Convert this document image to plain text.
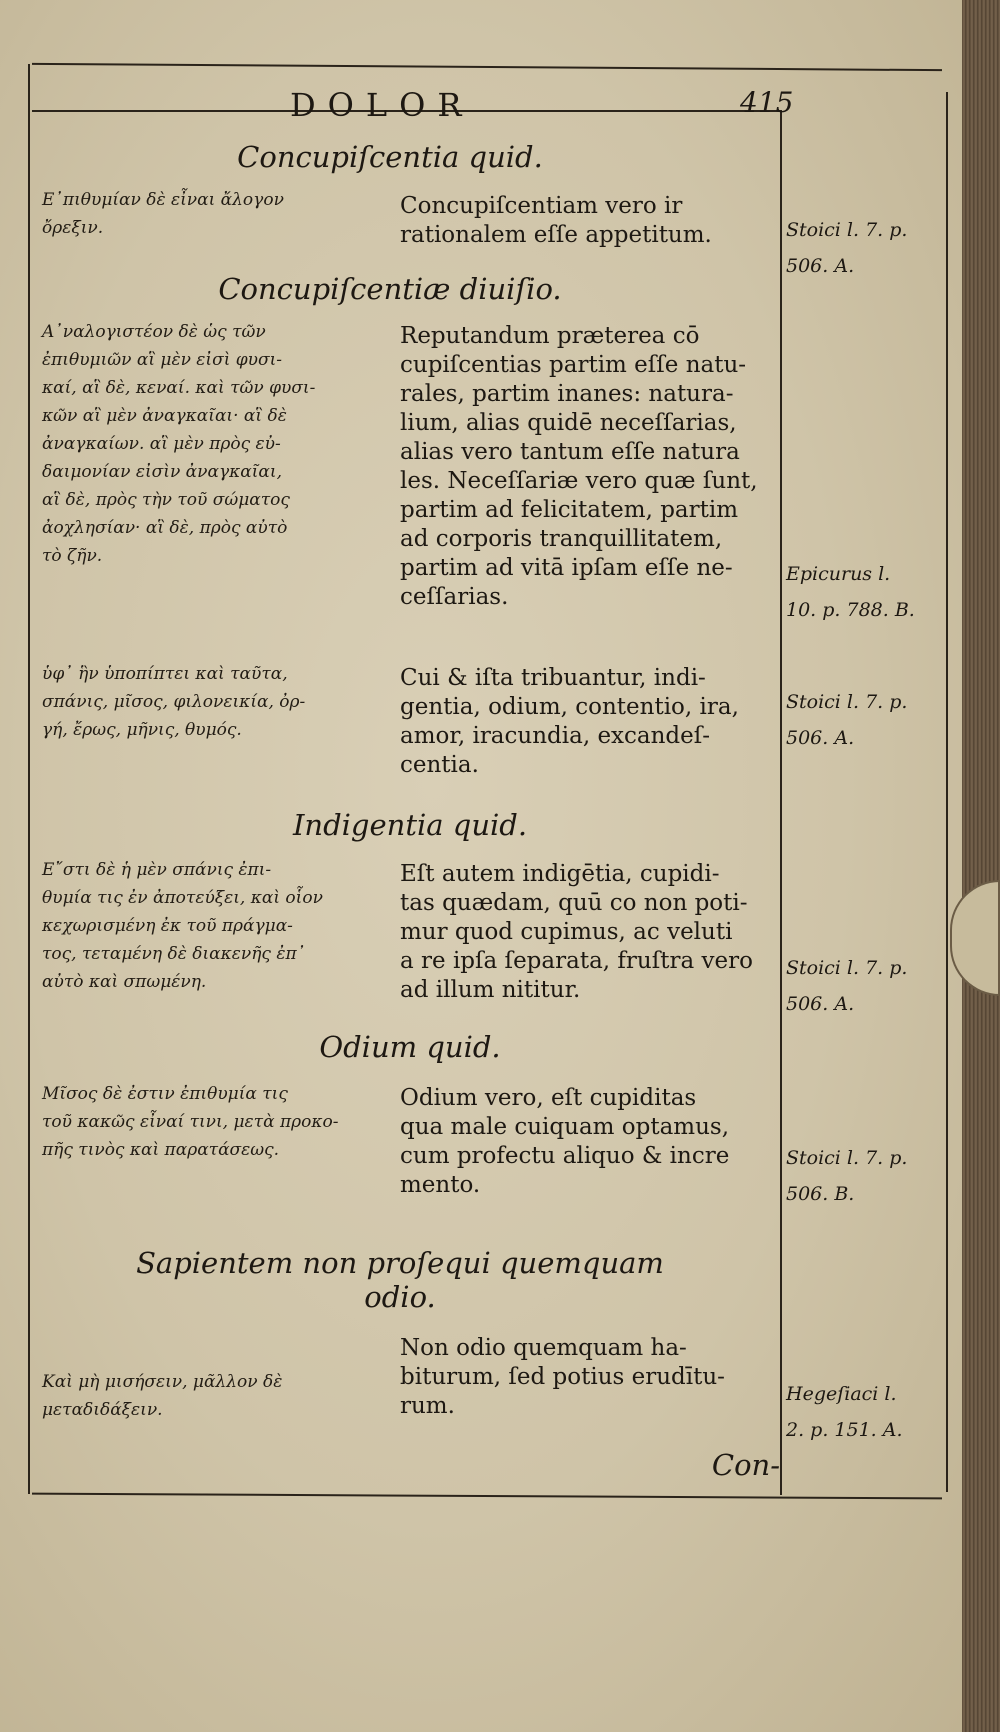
DOLOR	415
Concupiſcentia quid.
Ε᾿πιθυμίαν δὲ εἶναι ἄλογον
ὄρεξιν.
Concupiſcentiam vero ir
rationalem eſſe appetitum.	Stoici l. 7. p.
506. A.
Concupiſcentiæ diuiſio.
Α᾿ναλογιστέον δὲ ὡς τῶν
ἐπιθυμιῶν αἳ μὲν εἰσὶ φυσι-
καί, αἳ δὲ, κεναί. καὶ τῶν φυσι-
κῶν αἳ μὲν ἀναγκαῖαι· αἳ δὲ
ἀναγκαίων. αἳ μὲν πρὸς εὐ-
δαιμονίαν εἰσὶν ἀναγκαῖαι,
αἳ δὲ, πρὸς τὴν τοῦ σώματος
ἀοχλησίαν· αἳ δὲ, πρὸς αὐτὸ
τὸ ζῆν.
Reputandum prӕterea cō
cupiſcentias partim eſſe natu-
rales, partim inanes: natura-
lium, alias quidē neceſſarias,
alias vero tantum eſſe natura
les. Neceſſariӕ vero quӕ ſunt,
partim ad felicitatem, partim
ad corporis tranquillitatem,
partim ad vitā ipſam eſſe ne-
ceſſarias.
Epicurus l.
10. p. 788. B.
ὑφ᾽ ἣν ὑποπίπτει καὶ ταῦτα,
σπάνις, μῖσος, φιλονεικία, ὀρ-
γή, ἔρως, μῆνις, θυμός.
Cui & iſta tribuantur, indi-
gentia, odium, contentio, ira,
amor, iracundia, excandeſ-
centia.
Stoici l. 7. p.
506. A.
Indigentia quid.
Ε῎στι δὲ ἡ μὲν σπάνις ἐπι-
θυμία τις ἐν ἀποτεύξει, καὶ οἷον
κεχωρισμένη ἐκ τοῦ πράγμα-
τος, τεταμένη δὲ διακενῆς ἐπ᾽
αὐτὸ καὶ σπωμένη.
Eſt autem indigētia, cupidi-
tas quӕdam, quū co non poti-
mur quod cupimus, ac veluti
a re ipſa ſeparata, fruſtra vero
ad illum nititur.
Stoici l. 7. p.
506. A.
Odium quid.
Μῖσος δὲ ἐστιν ἐπιθυμία τις
τοῦ κακῶς εἶναί τινι, μετὰ προκο-
πῆς τινὸς καὶ παρατάσεως.
Odium vero, eſt cupiditas
qua male cuiquam optamus,
cum profectu aliquo & incre
mento.
Stoici l. 7. p.
506. B.
Sapientem non proſequi quemquam
odio.
Non odio quemquam ha-
biturum, ſed potius erudītu-
rum.
Καὶ μὴ μισήσειν, μᾶλλον δὲ
μεταδιδάξειν.
Hegeſiaci l.
2. p. 151. A.
Con-
